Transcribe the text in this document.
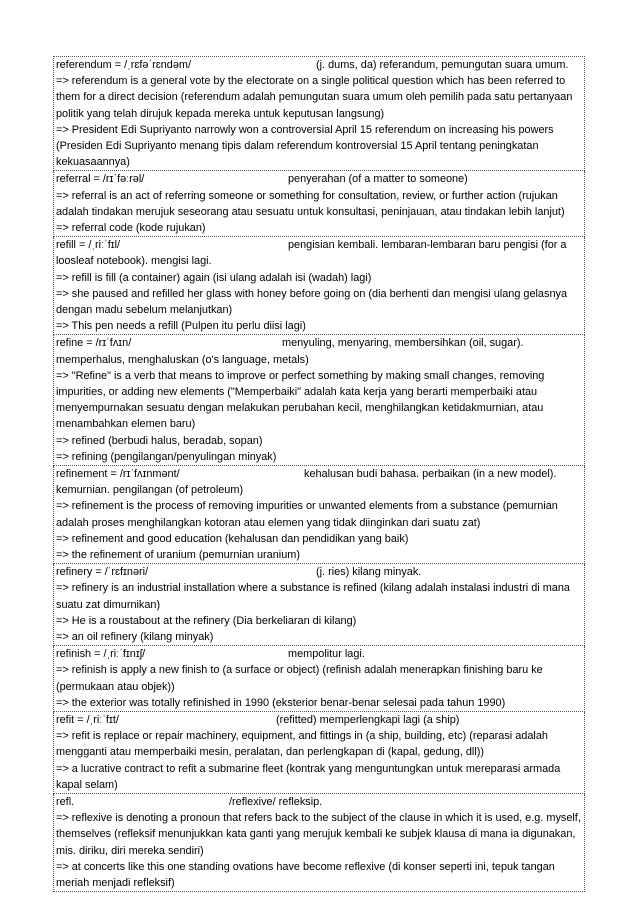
referendum = /ˌrɛfəˈrɛndəm/	(j. dums, da) referandum, pemungutan suara umum.
=> referendum is a general vote by the electorate on a single political question which has been referred to them for a direct decision (referendum adalah pemungutan suara umum oleh pemilih pada satu pertanyaan politik yang telah dirujuk kepada mereka untuk keputusan langsung)
=> President Edi Supriyanto narrowly won a controversial April 15 referendum on increasing his powers (Presiden Edi Supriyanto menang tipis dalam referendum kontroversial 15 April tentang peningkatan kekuasaannya)
referral = /rɪˈfəːrəl/	penyerahan (of a matter to someone)
=> referral is an act of referring someone or something for consultation, review, or further action (rujukan adalah tindakan merujuk seseorang atau sesuatu untuk konsultasi, peninjauan, atau tindakan lebih lanjut)
=> referral code (kode rujukan)
refill = /ˌriːˈfɪl/	pengisian kembali. lembaran-lembaran baru pengisi (for a
loosleaf notebook). mengisi lagi.
=> refill is fill (a container) again (isi ulang adalah isi (wadah) lagi)
=> she paused and refilled her glass with honey before going on (dia berhenti dan mengisi ulang gelasnya dengan madu sebelum melanjutkan)
=> This pen needs a refill (Pulpen itu perlu diisi lagi)
refine = /rɪˈfʌɪn/	menyuling, menyaring, membersihkan (oil, sugar).
memperhalus, menghaluskan (o's language, metals)
=> "Refine" is a verb that means to improve or perfect something by making small changes, removing impurities, or adding new elements ("Memperbaiki" adalah kata kerja yang berarti memperbaiki atau menyempurnakan sesuatu dengan melakukan perubahan kecil, menghilangkan ketidakmurnian, atau menambahkan elemen baru)
=> refined (berbudi halus, beradab, sopan)
=> refining (pengilangan/penyulingan minyak)
refinement = /rɪˈfʌɪnmənt/	kehalusan budi bahasa. perbaikan (in a new model).
kemurnian. pengilangan (of petroleum)
=> refinement is the process of removing impurities or unwanted elements from a substance (pemurnian adalah proses menghilangkan kotoran atau elemen yang tidak diinginkan dari suatu zat)
=> refinement and good education (kehalusan dan pendidikan yang baik)
=> the refinement of uranium (pemurnian uranium)
refinery = /ˈrɛfɪnəri/	(j. ries) kilang minyak.
=> refinery is an industrial installation where a substance is refined (kilang adalah instalasi industri di mana suatu zat dimurnikan)
=> He is a roustabout at the refinery (Dia berkeliaran di kilang)
=> an oil refinery (kilang minyak)
refinish = /ˌriːˈfɪnɪʃ/	mempolitur lagi.
=> refinish is apply a new finish to (a surface or object) (refinish adalah menerapkan finishing baru ke (permukaan atau objek))
=> the exterior was totally refinished in 1990 (eksterior benar-benar selesai pada tahun 1990)
refit = /ˌriːˈfɪt/	(refitted) memperlengkapi lagi (a ship)
=> refit is replace or repair machinery, equipment, and fittings in (a ship, building, etc) (reparasi adalah mengganti atau memperbaiki mesin, peralatan, dan perlengkapan di (kapal, gedung, dll))
=> a lucrative contract to refit a submarine fleet (kontrak yang menguntungkan untuk mereparasi armada kapal selam)
refl.	/reflexive/ refleksip.
=> reflexive is denoting a pronoun that refers back to the subject of the clause in which it is used, e.g. myself, themselves (refleksif menunjukkan kata ganti yang merujuk kembali ke subjek klausa di mana ia digunakan, mis. diriku, diri mereka sendiri)
=> at concerts like this one standing ovations have become reflexive (di konser seperti ini, tepuk tangan meriah menjadi refleksif)
